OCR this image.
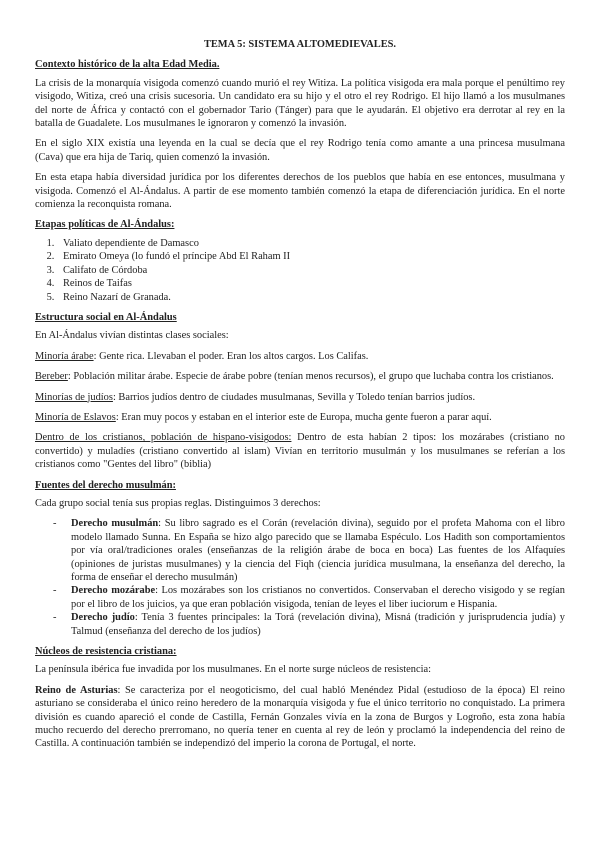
TEMA 5: SISTEMA ALTOMEDIEVALES.
Contexto histórico de la alta Edad Media.

La crisis de la monarquía visigoda comenzó cuando murió el rey Witiza. La política visigoda era mala porque el penúltimo rey visigodo, Witiza, creó una crisis sucesoria. Un candidato era su hijo y el otro el rey Rodrigo. El hijo llamó a los musulmanes del norte de África y contactó con el gobernador Tario (Tánger) para que le ayudarán. El objetivo era derrotar al rey en la batalla de Guadalete. Los musulmanes le ignoraron y comenzó la invasión.

En el siglo XIX existía una leyenda en la cual se decía que el rey Rodrigo tenía como amante a una princesa musulmana (Cava) que era hija de Tariq, quien comenzó la invasión.

En esta etapa había diversidad jurídica por los diferentes derechos de los pueblos que había en ese entonces, musulmana y visigoda. Comenzó el Al-Ándalus. A partir de ese momento también comenzó la etapa de diferenciación jurídica. En el norte comienza la reconquista romana.

Etapas políticas de Al-Ándalus:
1. Valiato dependiente de Damasco
2. Emirato Omeya (lo fundó el príncipe Abd El Raham II
3. Califato de Córdoba
4. Reinos de Taifas
5. Reino Nazarí de Granada.
Estructura social en Al-Ándalus

En Al-Ándalus vivían distintas clases sociales:

Minoría árabe: Gente rica. Llevaban el poder. Eran los altos cargos. Los Califas.

Bereber: Población militar árabe. Especie de árabe pobre (tenían menos recursos), el grupo que luchaba contra los cristianos.

Minorías de judíos: Barrios judíos dentro de ciudades musulmanas, Sevilla y Toledo tenían barrios judíos.

Minoría de Eslavos: Eran muy pocos y estaban en el interior este de Europa, mucha gente fueron a parar aquí.

Dentro de los cristianos, población de hispano-visigodos: Dentro de esta habían 2 tipos: los mozárabes (cristiano no convertido) y muladíes (cristiano convertido al islam) Vivían en territorio musulmán y los musulmanes se referían a los cristianos como "Gentes del libro" (biblia)

Fuentes del derecho musulmán:

Cada grupo social tenía sus propias reglas. Distinguimos 3 derechos:

- Derecho musulmán: Su libro sagrado es el Corán (revelación divina), seguido por el profeta Mahoma con el libro modelo llamado Sunna. En España se hizo algo parecido que se llamaba Espéculo. Los Hadith son comportamientos por vía oral/tradiciones orales (enseñanzas de la religión árabe de boca en boca) Las fuentes de los Alfaquíes (opiniones de juristas musulmanes) y la ciencia del Fiqh (ciencia jurídica musulmana, la enseñanza del derecho, la forma de enseñar el derecho musulmán)
- Derecho mozárabe: Los mozárabes son los cristianos no convertidos. Conservaban el derecho visigodo y se regían por el libro de los juicios, ya que eran población visigoda, tenían de leyes el liber iuciorum e Hispania.
- Derecho judío: Tenía 3 fuentes principales: la Torá (revelación divina), Misná (tradición y jurisprudencia judía) y Talmud (enseñanza del derecho de los judíos)
Núcleos de resistencia cristiana:

La península ibérica fue invadida por los musulmanes. En el norte surge núcleos de resistencia:

Reino de Asturias: Se caracteriza por el neogoticismo, del cual habló Menéndez Pidal (estudioso de la época) El reino asturiano se consideraba el único reino heredero de la monarquía visigoda y fue el único territorio no conquistado. La primera división es cuando apareció el conde de Castilla, Fernán Gonzales vivía en la zona de Burgos y Logroño, esta zona había mucho recuerdo del derecho prerromano, no quería tener en cuenta al rey de león y proclamó la independencia del reino de Castilla. A continuación también se independizó del imperio la corona de Portugal, el norte.
